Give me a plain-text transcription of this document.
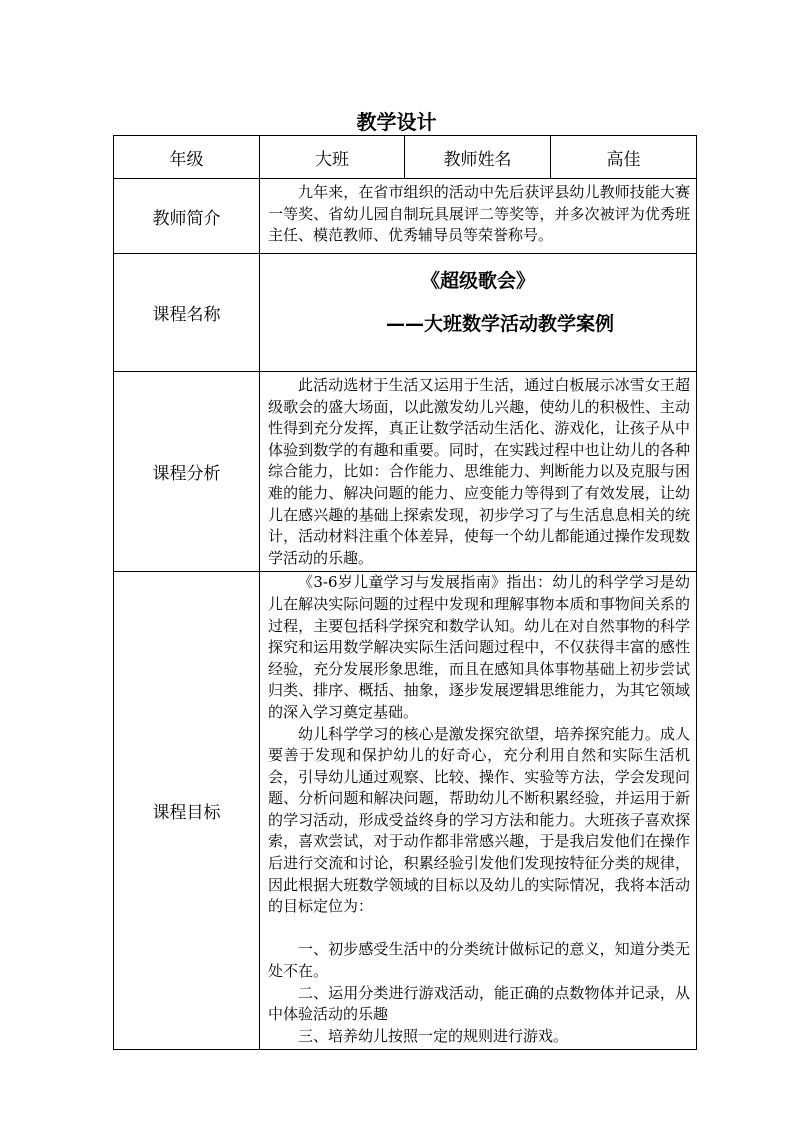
教学设计
年级	大班	教师姓名	高佳
教师简介	九年来，在省市组织的活动中先后获评县幼儿教师技能大赛一等奖、省幼儿园自制玩具展评二等奖等，并多次被评为优秀班主任、模范教师、优秀辅导员等荣誉称号。		

课程名称	《超级歌会》

——大班数学活动教学案例		

课程分析	此活动选材于生活又运用于生活，通过白板展示冰雪女王超级歌会的盛大场面，以此激发幼儿兴趣，使幼儿的积极性、主动性得到充分发挥，真正让数学活动生活化、游戏化，让孩子从中体验到数学的有趣和重要。同时，在实践过程中也让幼儿的各种综合能力，比如：合作能力、思维能力、判断能力以及克服与困难的能力、解决问题的能力、应变能力等得到了有效发展，让幼儿在感兴趣的基础上探索发现，初步学习了与生活息息相关的统计，活动材料注重个体差异，使每一个幼儿都能通过操作发现数学活动的乐趣。		

课程目标	《3-6岁儿童学习与发展指南》指出：幼儿的科学学习是幼儿在解决实际问题的过程中发现和理解事物本质和事物间关系的过程，主要包括科学探究和数学认知。幼儿在对自然事物的科学探究和运用数学解决实际生活问题过程中，不仅获得丰富的感性经验，充分发展形象思维，而且在感知具体事物基础上初步尝试归类、排序、概括、抽象，逐步发展逻辑思维能力，为其它领域的深入学习奠定基础。

幼儿科学学习的核心是激发探究欲望，培养探究能力。成人要善于发现和保护幼儿的好奇心，充分利用自然和实际生活机会，引导幼儿通过观察、比较、操作、实验等方法，学会发现问题、分析问题和解决问题，帮助幼儿不断积累经验，并运用于新的学习活动，形成受益终身的学习方法和能力。大班孩子喜欢探索，喜欢尝试，对于动作都非常感兴趣，于是我启发他们在操作后进行交流和讨论，积累经验引发他们发现按特征分类的规律，因此根据大班数学领域的目标以及幼儿的实际情况，我将本活动的目标定位为：

一、初步感受生活中的分类统计做标记的意义，知道分类无处不在。

二、运用分类进行游戏活动，能正确的点数物体并记录，从中体验活动的乐趣

三、培养幼儿按照一定的规则进行游戏。		
